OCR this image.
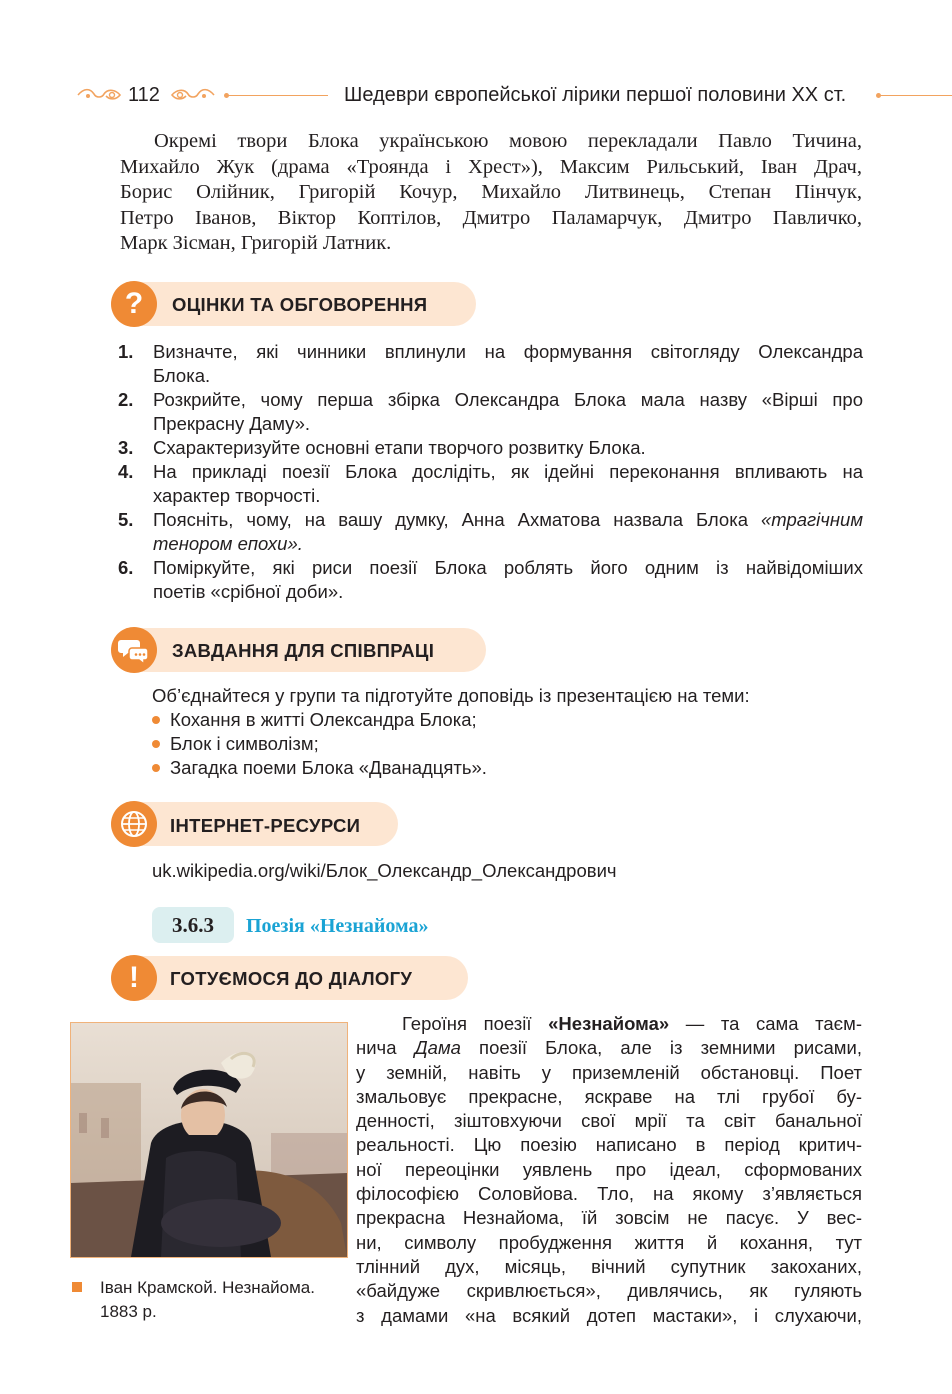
112	Шедеври європейської лірики першої половини XX ст.
Окремі твори Блока українською мовою перекладали Павло Тичина,
Михайло Жук (драма «Троянда і Хрест»), Максим Рильський, Іван Драч,
Борис Олійник, Григорій Кочур, Михайло Литвинець, Степан Пінчук,
Петро Іванов, Віктор Коптілов, Дмитро Паламарчук, Дмитро Павличко,
Марк Зісман, Григорій Латник.
? ОЦІНКИ ТА ОБГОВОРЕННЯ
1.	Визначте, які чинники вплинули на формування світогляду Олександра
Блока.
2.	Розкрийте, чому перша збірка Олександра Блока мала назву «Вірші про
Прекрасну Даму».
3.	Схарактеризуйте основні етапи творчого розвитку Блока.
4.	На прикладі поезії Блока дослідіть, як ідейні переконання впливають на
характер творчості.
5.	Поясніть, чому, на вашу думку, Анна Ахматова назвала Блока «трагічним
тенором епохи».
6.	Поміркуйте, які риси поезії Блока роблять його одним із найвідоміших
поетів «срібної доби».
ЗАВДАННЯ ДЛЯ СПІВПРАЦІ
Об’єднайтеся у групи та підготуйте доповідь із презентацією на теми:
Кохання в житті Олександра Блока;
Блок і символізм;
Загадка поеми Блока «Дванадцять».
ІНТЕРНЕТ-РЕСУРСИ
uk.wikipedia.org/wiki/Блок_Олександр_Олександрович
3.6.3	Поезія «Незнайома»
! ГОТУЄМОСЯ ДО ДІАЛОГУ
Іван Крамской. Незнайома.
1883 р.
Героїня поезії «Незнайома» — та сама таєм-
нича Дама поезії Блока, але із земними рисами,
у земній, навіть у приземленій обстановці. Поет
змальовує прекрасне, яскраве на тлі грубої бу-
денності, зіштовхуючи свої мрії та світ банальної
реальності. Цю поезію написано в період критич-
ної переоцінки уявлень про ідеал, сформованих
філософією Соловйова. Тло, на якому з’являється
прекрасна Незнайома, їй зовсім не пасує. У вес-
ни, символу пробудження життя й кохання, тут
тлінний дух, місяць, вічний супутник закоханих,
«байдуже скривлюється», дивлячись, як гуляють
з дамами «на всякий дотеп мастаки», і слухаючи,
